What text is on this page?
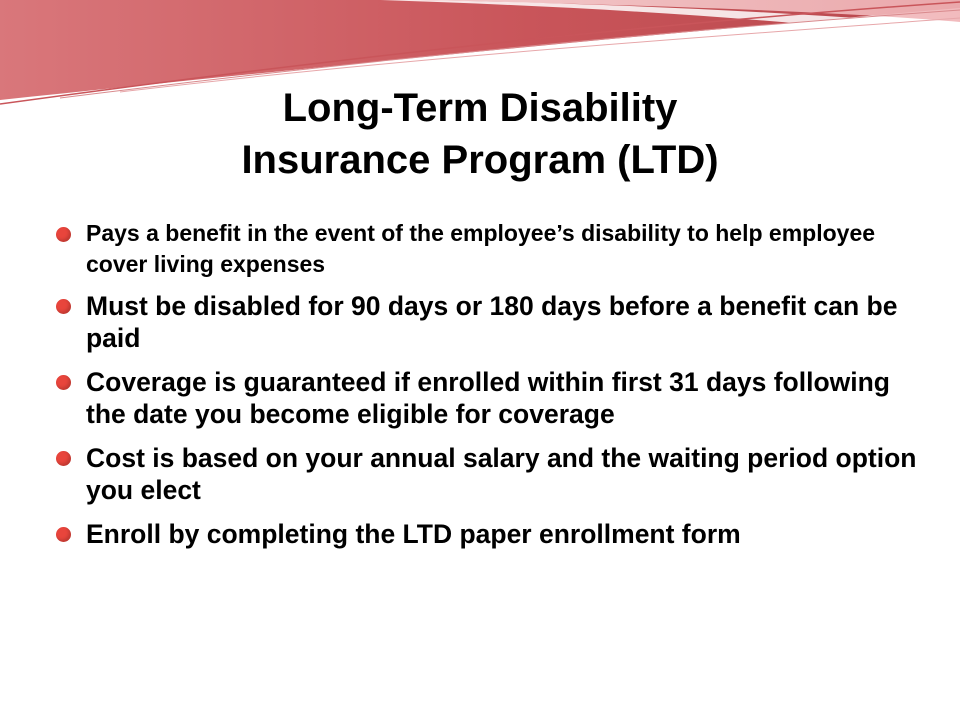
Long-Term Disability
Insurance Program (LTD)
Pays a benefit in the event of the employee’s disability to help employee cover living expenses
Must be disabled for 90 days or 180 days before a benefit can be paid
Coverage is guaranteed if enrolled within first 31 days following the date you become eligible for coverage
Cost is based on your annual salary and the waiting period option you elect
Enroll by completing the LTD paper enrollment form
